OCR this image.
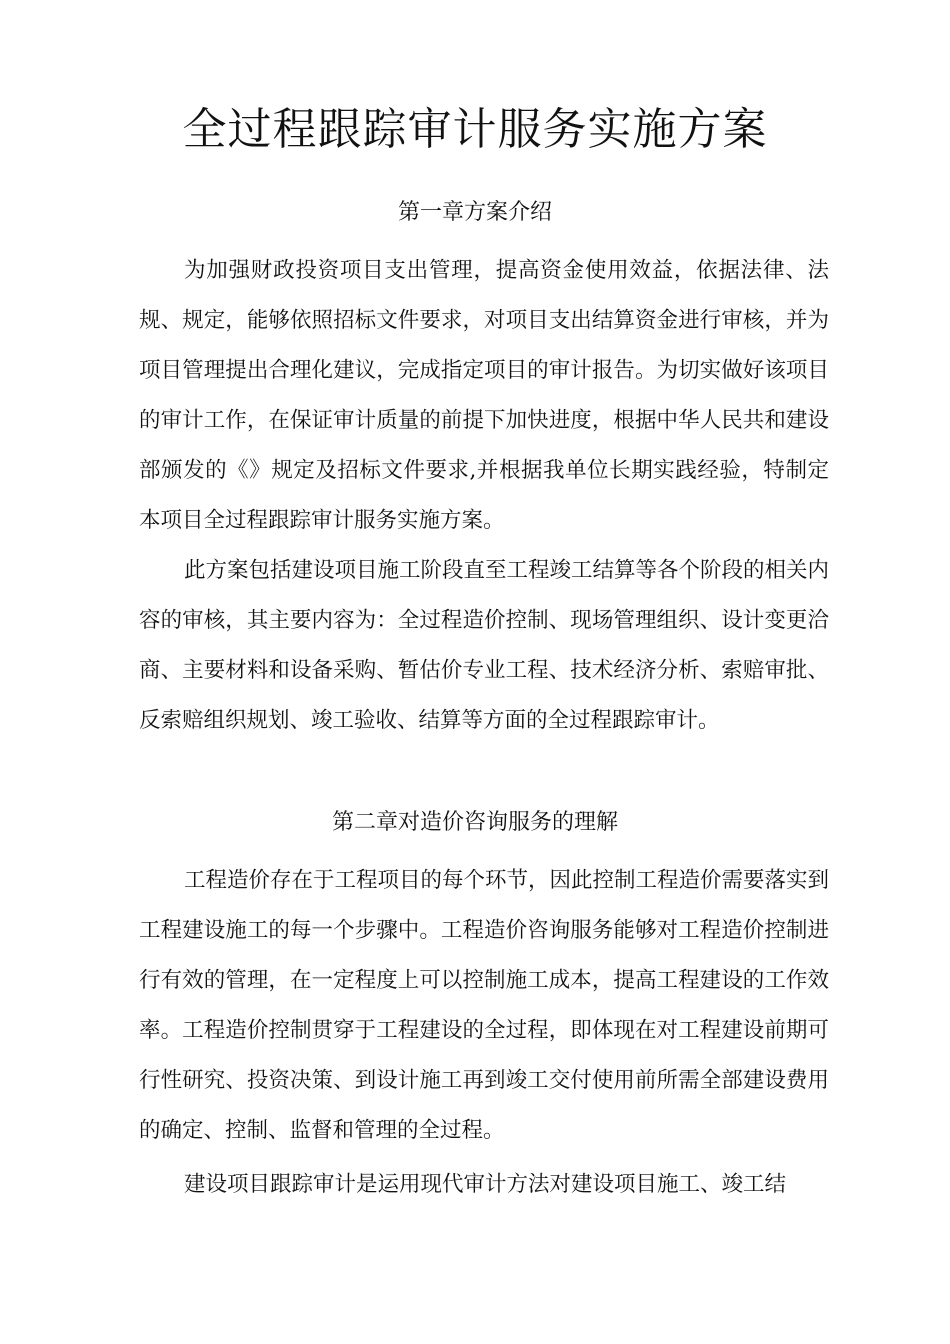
全过程跟踪审计服务实施方案
第一章方案介绍

为加强财政投资项目支出管理，提高资金使用效益，依据法律、法规、规定，能够依照招标文件要求，对项目支出结算资金进行审核，并为项目管理提出合理化建议，完成指定项目的审计报告。为切实做好该项目的审计工作，在保证审计质量的前提下加快进度，根据中华人民共和建设部颁发的《》规定及招标文件要求,并根据我单位长期实践经验，特制定本项目全过程跟踪审计服务实施方案。

此方案包括建设项目施工阶段直至工程竣工结算等各个阶段的相关内容的审核，其主要内容为：全过程造价控制、现场管理组织、设计变更洽商、主要材料和设备采购、暂估价专业工程、技术经济分析、索赔审批、反索赔组织规划、竣工验收、结算等方面的全过程跟踪审计。

第二章对造价咨询服务的理解

工程造价存在于工程项目的每个环节，因此控制工程造价需要落实到工程建设施工的每一个步骤中。工程造价咨询服务能够对工程造价控制进行有效的管理，在一定程度上可以控制施工成本，提高工程建设的工作效率。工程造价控制贯穿于工程建设的全过程，即体现在对工程建设前期可行性研究、投资决策、到设计施工再到竣工交付使用前所需全部建设费用的确定、控制、监督和管理的全过程。

建设项目跟踪审计是运用现代审计方法对建设项目施工、竣工结
